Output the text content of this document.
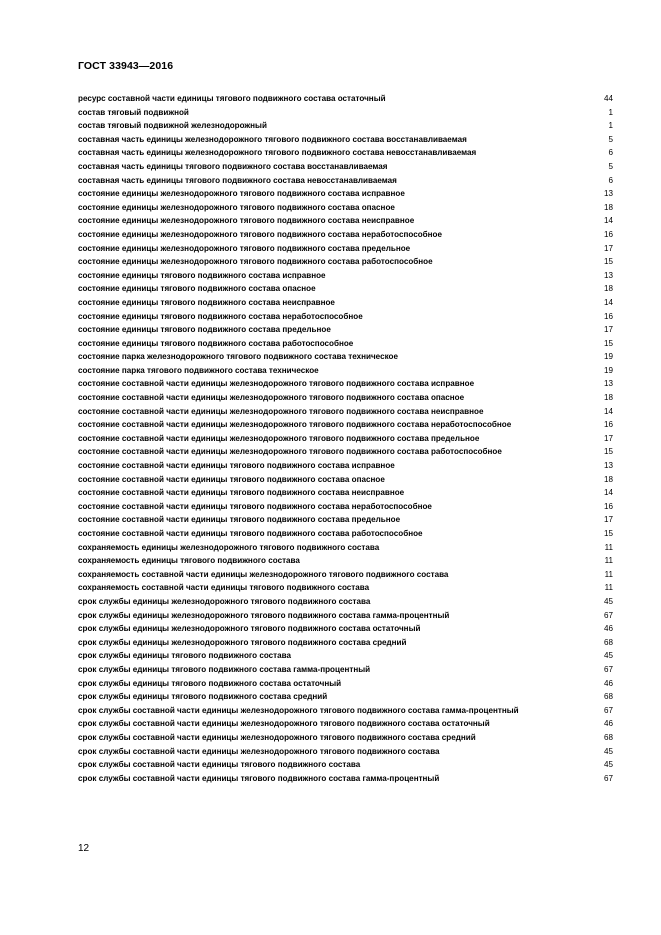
ГОСТ 33943—2016
ресурс составной части единицы тягового подвижного состава остаточный	44
состав тяговый подвижной	1
состав тяговый подвижной железнодорожный	1
составная часть единицы железнодорожного тягового подвижного состава восстанавливаемая	5
составная часть единицы железнодорожного тягового подвижного состава невосстанавливаемая	6
составная часть единицы тягового подвижного состава восстанавливаемая	5
составная часть единицы тягового подвижного состава невосстанавливаемая	6
состояние единицы железнодорожного тягового подвижного состава исправное	13
состояние единицы железнодорожного тягового подвижного состава опасное	18
состояние единицы железнодорожного тягового подвижного состава неисправное	14
состояние единицы железнодорожного тягового подвижного состава неработоспособное	16
состояние единицы железнодорожного тягового подвижного состава предельное	17
состояние единицы железнодорожного тягового подвижного состава работоспособное	15
состояние единицы тягового подвижного состава исправное	13
состояние единицы тягового подвижного состава опасное	18
состояние единицы тягового подвижного состава неисправное	14
состояние единицы тягового подвижного состава неработоспособное	16
состояние единицы тягового подвижного состава предельное	17
состояние единицы тягового подвижного состава работоспособное	15
состояние парка железнодорожного тягового подвижного состава техническое	19
состояние парка тягового подвижного состава техническое	19
состояние составной части единицы железнодорожного тягового подвижного состава исправное	13
состояние составной части единицы железнодорожного тягового подвижного состава опасное	18
состояние составной части единицы железнодорожного тягового подвижного состава неисправное	14
состояние составной части единицы железнодорожного тягового подвижного состава неработоспособное	16
состояние составной части единицы железнодорожного тягового подвижного состава предельное	17
состояние составной части единицы железнодорожного тягового подвижного состава работоспособное	15
состояние составной части единицы тягового подвижного состава исправное	13
состояние составной части единицы тягового подвижного состава опасное	18
состояние составной части единицы тягового подвижного состава неисправное	14
состояние составной части единицы тягового подвижного состава неработоспособное	16
состояние составной части единицы тягового подвижного состава предельное	17
состояние составной части единицы тягового подвижного состава работоспособное	15
сохраняемость единицы железнодорожного тягового подвижного состава	11
сохраняемость единицы тягового подвижного состава	11
сохраняемость составной части единицы железнодорожного тягового подвижного состава	11
сохраняемость составной части единицы тягового подвижного состава	11
срок службы единицы железнодорожного тягового подвижного состава	45
срок службы единицы железнодорожного тягового подвижного состава гамма-процентный	67
срок службы единицы железнодорожного тягового подвижного состава остаточный	46
срок службы единицы железнодорожного тягового подвижного состава средний	68
срок службы единицы тягового подвижного состава	45
срок службы единицы тягового подвижного состава гамма-процентный	67
срок службы единицы тягового подвижного состава остаточный	46
срок службы единицы тягового подвижного состава средний	68
срок службы составной части единицы железнодорожного тягового подвижного состава гамма-процентный	67
срок службы составной части единицы железнодорожного тягового подвижного состава остаточный	46
срок службы составной части единицы железнодорожного тягового подвижного состава средний	68
срок службы составной части единицы железнодорожного тягового подвижного состава	45
срок службы составной части единицы тягового подвижного состава	45
срок службы составной части единицы тягового подвижного состава гамма-процентный	67
12
